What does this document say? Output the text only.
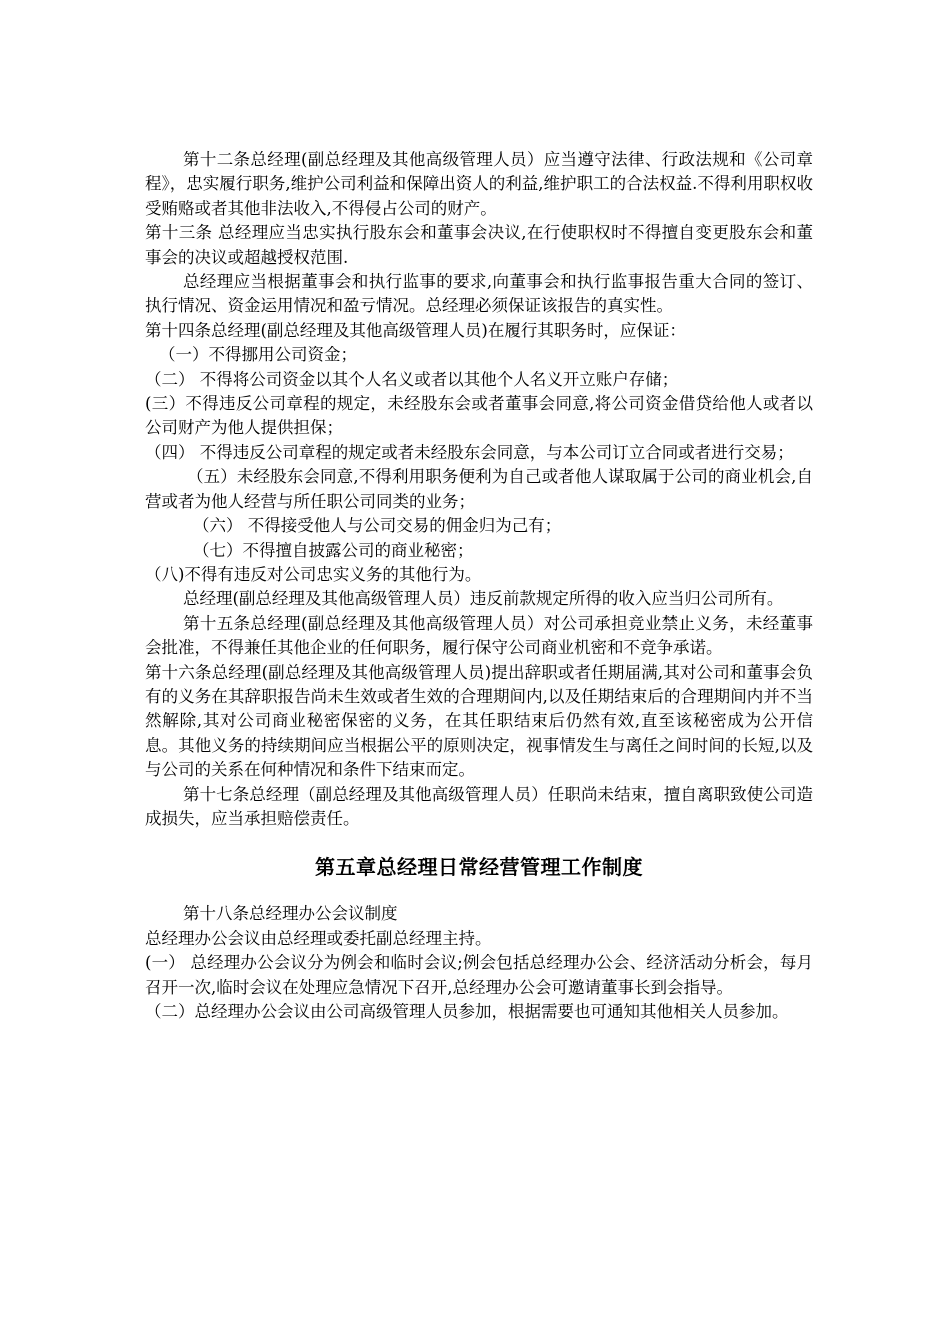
第十二条总经理(副总经理及其他高级管理人员）应当遵守法律、行政法规和《公司章程》，忠实履行职务,维护公司利益和保障出资人的利益,维护职工的合法权益.不得利用职权收受贿赂或者其他非法收入,不得侵占公司的财产。

第十三条 总经理应当忠实执行股东会和董事会决议,在行使职权时不得擅自变更股东会和董事会的决议或超越授权范围.

总经理应当根据董事会和执行监事的要求,向董事会和执行监事报告重大合同的签订、执行情况、资金运用情况和盈亏情况。总经理必须保证该报告的真实性。

第十四条总经理(副总经理及其他高级管理人员)在履行其职务时，应保证：

（一）不得挪用公司资金；

（二） 不得将公司资金以其个人名义或者以其他个人名义开立账户存储；

(三）不得违反公司章程的规定，未经股东会或者董事会同意,将公司资金借贷给他人或者以公司财产为他人提供担保；

（四） 不得违反公司章程的规定或者未经股东会同意，与本公司订立合同或者进行交易；

（五）未经股东会同意,不得利用职务便利为自己或者他人谋取属于公司的商业机会,自营或者为他人经营与所任职公司同类的业务；

（六） 不得接受他人与公司交易的佣金归为己有；

（七）不得擅自披露公司的商业秘密；

（八)不得有违反对公司忠实义务的其他行为。

总经理(副总经理及其他高级管理人员）违反前款规定所得的收入应当归公司所有。

第十五条总经理(副总经理及其他高级管理人员）对公司承担竞业禁止义务，未经董事会批准，不得兼任其他企业的任何职务，履行保守公司商业机密和不竞争承诺。

第十六条总经理(副总经理及其他高级管理人员)提出辞职或者任期届满,其对公司和董事会负有的义务在其辞职报告尚未生效或者生效的合理期间内,以及任期结束后的合理期间内并不当然解除,其对公司商业秘密保密的义务，在其任职结束后仍然有效,直至该秘密成为公开信息。其他义务的持续期间应当根据公平的原则决定，视事情发生与离任之间时间的长短,以及与公司的关系在何种情况和条件下结束而定。

第十七条总经理（副总经理及其他高级管理人员）任职尚未结束，擅自离职致使公司造成损失，应当承担赔偿责任。

第五章总经理日常经营管理工作制度

第十八条总经理办公会议制度

总经理办公会议由总经理或委托副总经理主持。

(一） 总经理办公会议分为例会和临时会议;例会包括总经理办公会、经济活动分析会，每月召开一次,临时会议在处理应急情况下召开,总经理办公会可邀请董事长到会指导。

（二）总经理办公会议由公司高级管理人员参加，根据需要也可通知其他相关人员参加。
